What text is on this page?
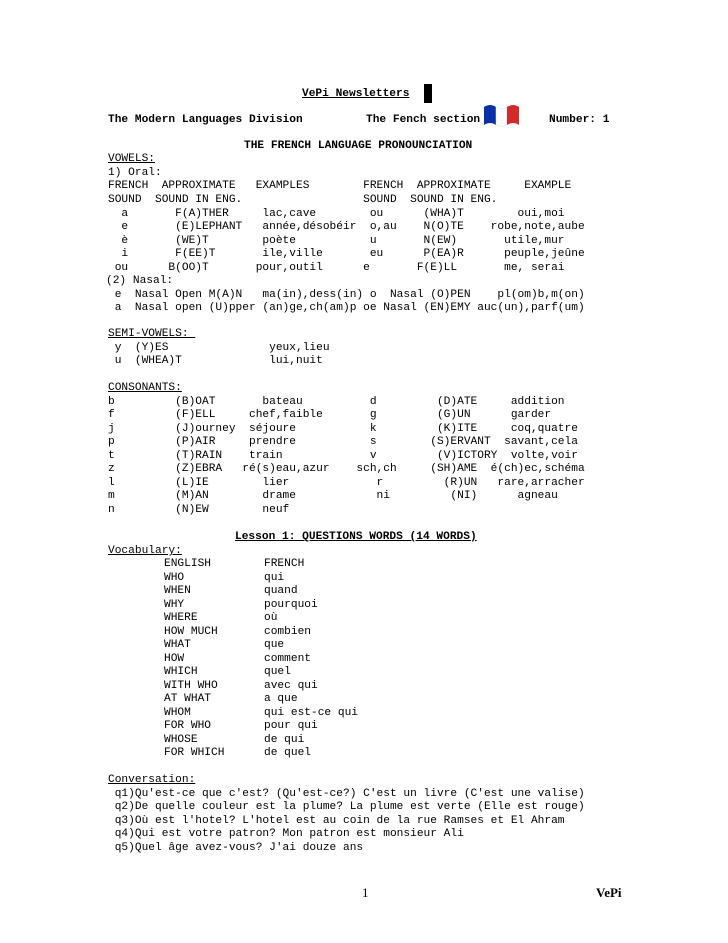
VePi Newsletters
The Modern Languages Division	The Fench section	Number: 1
THE FRENCH LANGUAGE PRONOUNCIATION
VOWELS:
1) Oral:
FRENCH  APPROXIMATE   EXAMPLES        FRENCH  APPROXIMATE     EXAMPLE
SOUND  SOUND IN ENG.                  SOUND  SOUND IN ENG.
a       F(A)THER     lac,cave        ou      (WHA)T        oui,moi
e       (E)LEPHANT   année,désobéir  o,au    N(O)TE    robe,note,aube
è       (WE)T        poète           u       N(EW)       utile,mur
i       F(EE)T       ile,ville       eu      P(EA)R      peuple,jeûne
ou      B(OO)T       pour,outil      e       F(E)LL       me, serai
(2) Nasal:
e  Nasal Open M(A)N   ma(in),dess(in) o  Nasal (O)PEN    pl(om)b,m(on)
a  Nasal open (U)pper (an)ge,ch(am)p oe Nasal (EN)EMY auc(un),parf(um)
SEMI-VOWELS:
y  (Y)ES               yeux,lieu
u  (WHEA)T             lui,nuit
CONSONANTS:
b         (B)OAT       bateau          d         (D)ATE     addition
f         (F)ELL     chef,faible       g         (G)UN      garder
j         (J)ourney  séjoure           k         (K)ITE     coq,quatre
p         (P)AIR     prendre           s        (S)ERVANT  savant,cela
t         (T)RAIN    train             v         (V)ICTORY  volte,voir
z         (Z)EBRA   ré(s)eau,azur    sch,ch     (SH)AME  é(ch)ec,schéma
l         (L)IE        lier             r         (R)UN   rare,arracher
m         (M)AN        drame            ni         (NI)      agneau
n         (N)EW        neuf
Lesson 1: QUESTIONS WORDS (14 WORDS)
Vocabulary:
ENGLISH	FRENCH
WHO	qui
WHEN	quand
WHY	pourquoi
WHERE	où
HOW MUCH	combien
WHAT	que
HOW	comment
WHICH	quel
WITH WHO	avec qui
AT WHAT	a que
WHOM	qui est-ce qui
FOR WHO	pour qui
WHOSE	de qui
FOR WHICH	de quel
Conversation:
q1)Qu'est-ce que c'est? (Qu'est-ce?) C'est un livre (C'est une valise)
q2)De quelle couleur est la plume? La plume est verte (Elle est rouge)
q3)Où est l'hotel? L'hotel est au coin de la rue Ramses et El Ahram
q4)Qui est votre patron? Mon patron est monsieur Ali
q5)Quel âge avez-vous? J'ai douze ans
1	VePi
